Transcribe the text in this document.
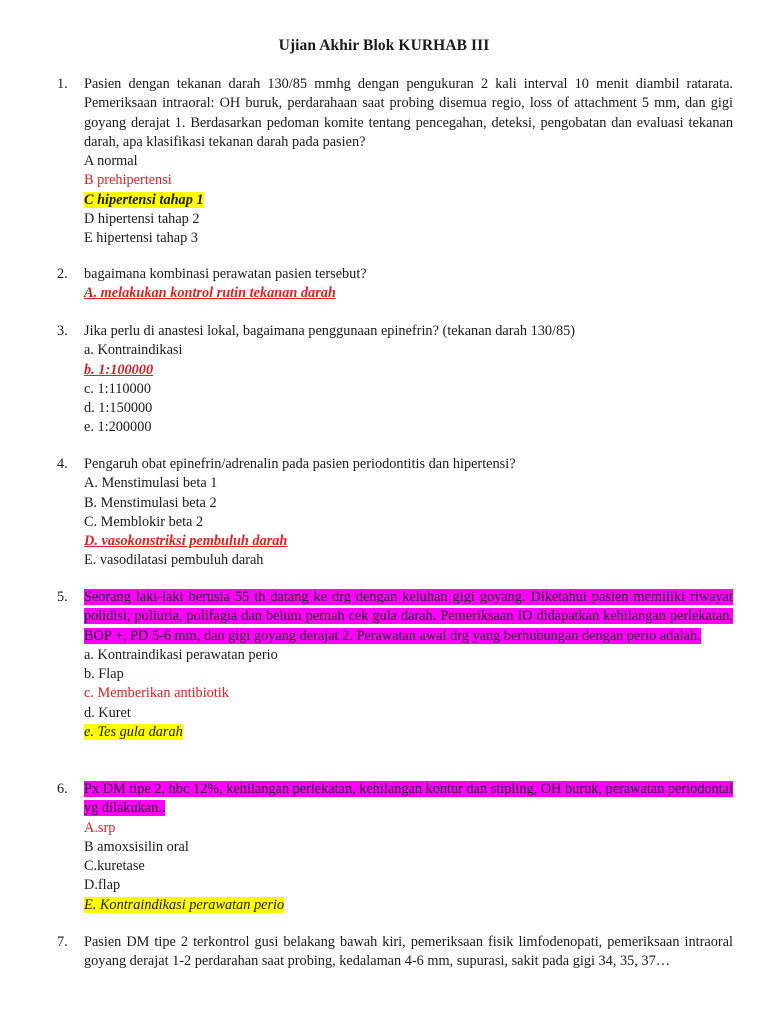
Ujian Akhir Blok KURHAB III
1.	Pasien dengan tekanan darah 130/85 mmhg dengan pengukuran 2 kali interval 10 menit diambil ratarata. Pemeriksaan intraoral: OH buruk, perdarahaan saat probing disemua regio, loss of attachment 5 mm, dan gigi goyang derajat 1. Berdasarkan pedoman komite tentang pencegahan, deteksi, pengobatan dan evaluasi tekanan darah, apa klasifikasi tekanan darah pada pasien?
A normal
B prehipertensi
C hipertensi tahap 1
D hipertensi tahap 2
E hipertensi tahap 3
2.	bagaimana kombinasi perawatan pasien tersebut?
A. melakukan kontrol rutin tekanan darah
3.	Jika perlu di anastesi lokal, bagaimana penggunaan epinefrin? (tekanan darah 130/85)
a. Kontraindikasi
b. 1:100000
c. 1:110000
d. 1:150000
e. 1:200000
4.	Pengaruh obat epinefrin/adrenalin pada pasien periodontitis dan hipertensi?
A. Menstimulasi beta 1
B. Menstimulasi beta 2
C. Memblokir beta 2
D. vasokonstriksi pembuluh darah
E. vasodilatasi pembuluh darah
5.	Seorang laki-laki berusia 55 th datang ke drg dengan keluhan gigi goyang. Diketahui pasien memiliki riwayat polidisi, poliuria, polifagia dan belum pernah cek gula darah. Pemeriksaan IO didapatkan kehilangan perlekatan, BOP +, PD 5-6 mm, dan gigi goyang derajat 2. Perawatan awal drg yang berhubungan dengan perio adalah.
a. Kontraindikasi perawatan perio
b. Flap
c. Memberikan antibiotik
d. Kuret
e. Tes gula darah
6.	Px DM tipe 2, hbc 12%, kehilangan perlekatan, kehilangan kontur dan stipling, OH buruk, perawatan periodontal yg dilakukan..
A.srp
B amoxsisilin oral
C.kuretase
D.flap
E. Kontraindikasi perawatan perio
7.	Pasien DM tipe 2 terkontrol gusi belakang bawah kiri, pemeriksaan fisik limfodenopati, pemeriksaan intraoral goyang derajat 1-2 perdarahan saat probing, kedalaman 4-6 mm, supurasi, sakit pada gigi 34, 35, 37…
